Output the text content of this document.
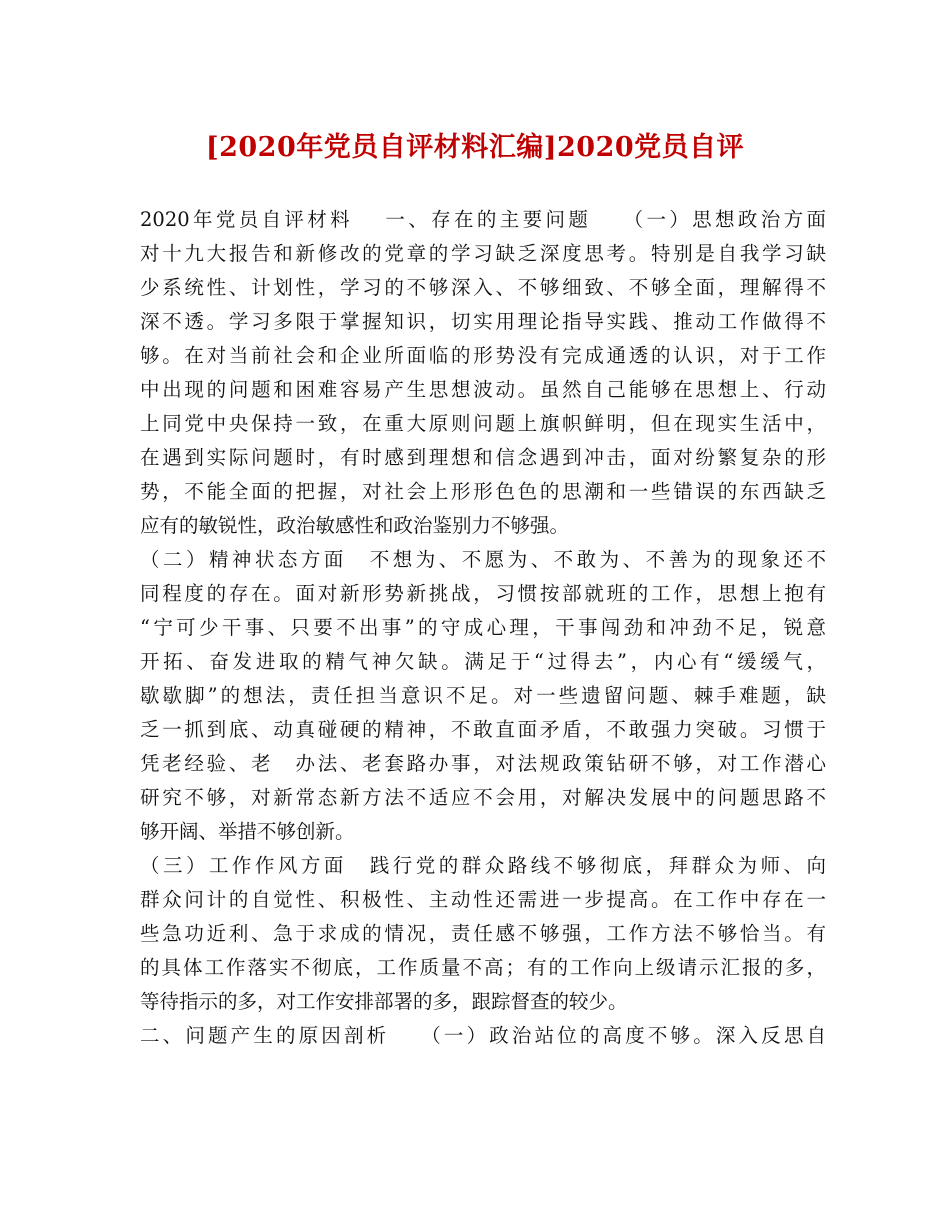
[2020年党员自评材料汇编]2020党员自评
2020年党员自评材料　 一、存在的主要问题　 （一）思想政治方面
对十九大报告和新修改的党章的学习缺乏深度思考。特别是自我学习缺
少系统性、计划性，学习的不够深入、不够细致、不够全面，理解得不
深不透。学习多限于掌握知识，切实用理论指导实践、推动工作做得不
够。在对当前社会和企业所面临的形势没有完成通透的认识，对于工作
中出现的问题和困难容易产生思想波动。虽然自己能够在思想上、行动
上同党中央保持一致，在重大原则问题上旗帜鲜明，但在现实生活中，
在遇到实际问题时，有时感到理想和信念遇到冲击，面对纷繁复杂的形
势，不能全面的把握，对社会上形形色色的思潮和一些错误的东西缺乏
应有的敏锐性，政治敏感性和政治鉴别力不够强。
（二）精神状态方面　不想为、不愿为、不敢为、不善为的现象还不
同程度的存在。面对新形势新挑战，习惯按部就班的工作，思想上抱有
“宁可少干事、只要不出事”的守成心理，干事闯劲和冲劲不足，锐意
开拓、奋发进取的精气神欠缺。满足于“过得去”，内心有“缓缓气，
歇歇脚”的想法，责任担当意识不足。对一些遗留问题、棘手难题，缺
乏一抓到底、动真碰硬的精神，不敢直面矛盾，不敢强力突破。习惯于
凭老经验、老　办法、老套路办事，对法规政策钻研不够，对工作潜心
研究不够，对新常态新方法不适应不会用，对解决发展中的问题思路不
够开阔、举措不够创新。
（三）工作作风方面　践行党的群众路线不够彻底，拜群众为师、向
群众问计的自觉性、积极性、主动性还需进一步提高。在工作中存在一
些急功近利、急于求成的情况，责任感不够强，工作方法不够恰当。有
的具体工作落实不彻底，工作质量不高；有的工作向上级请示汇报的多，
等待指示的多，对工作安排部署的多，跟踪督查的较少。
二、问题产生的原因剖析　 （一）政治站位的高度不够。深入反思自
